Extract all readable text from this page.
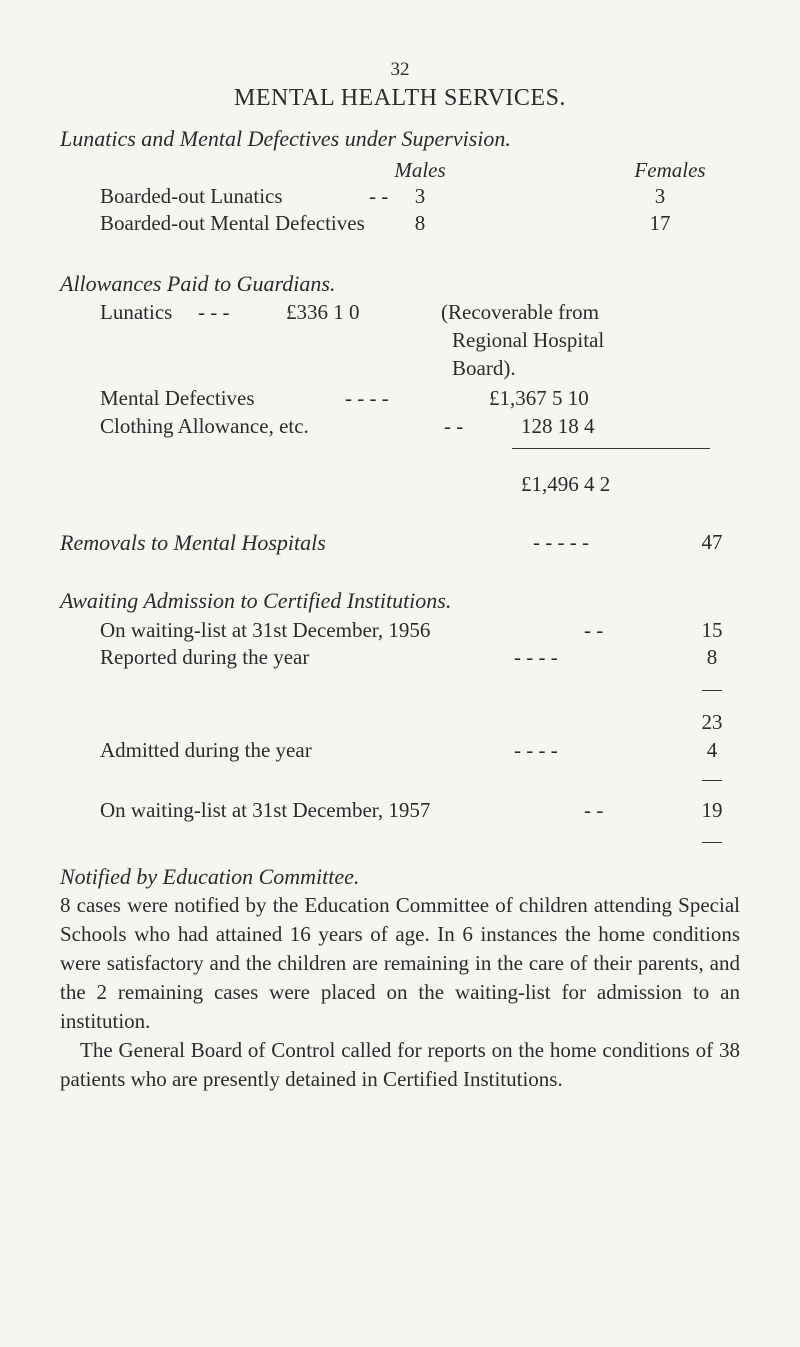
32
MENTAL HEALTH SERVICES.
Lunatics and Mental Defectives under Supervision.
Males	Females
Boarded-out Lunatics	- -	3	3
Boarded-out Mental Defectives	8	17
Allowances Paid to Guardians.
Lunatics - - -	£336 1 0	(Recoverable from
Regional Hospital
Board).
Mental Defectives	- - - -	£1,367 5 10
Clothing Allowance, etc.	- -	128 18 4
£1,496 4 2
Removals to Mental Hospitals	- - - - -	47
Awaiting Admission to Certified Institutions.
On waiting-list at 31st December, 1956	- -	15
Reported during the year	- - - -	8
23
Admitted during the year	- - - -	4
On waiting-list at 31st December, 1957	- -	19
Notified by Education Committee.

8 cases were notified by the Education Committee of children attending Special Schools who had attained 16 years of age. In 6 instances the home conditions were satisfactory and the children are remaining in the care of their parents, and the 2 remaining cases were placed on the waiting-list for admission to an institution.

The General Board of Control called for reports on the home conditions of 38 patients who are presently detained in Certified Institutions.
